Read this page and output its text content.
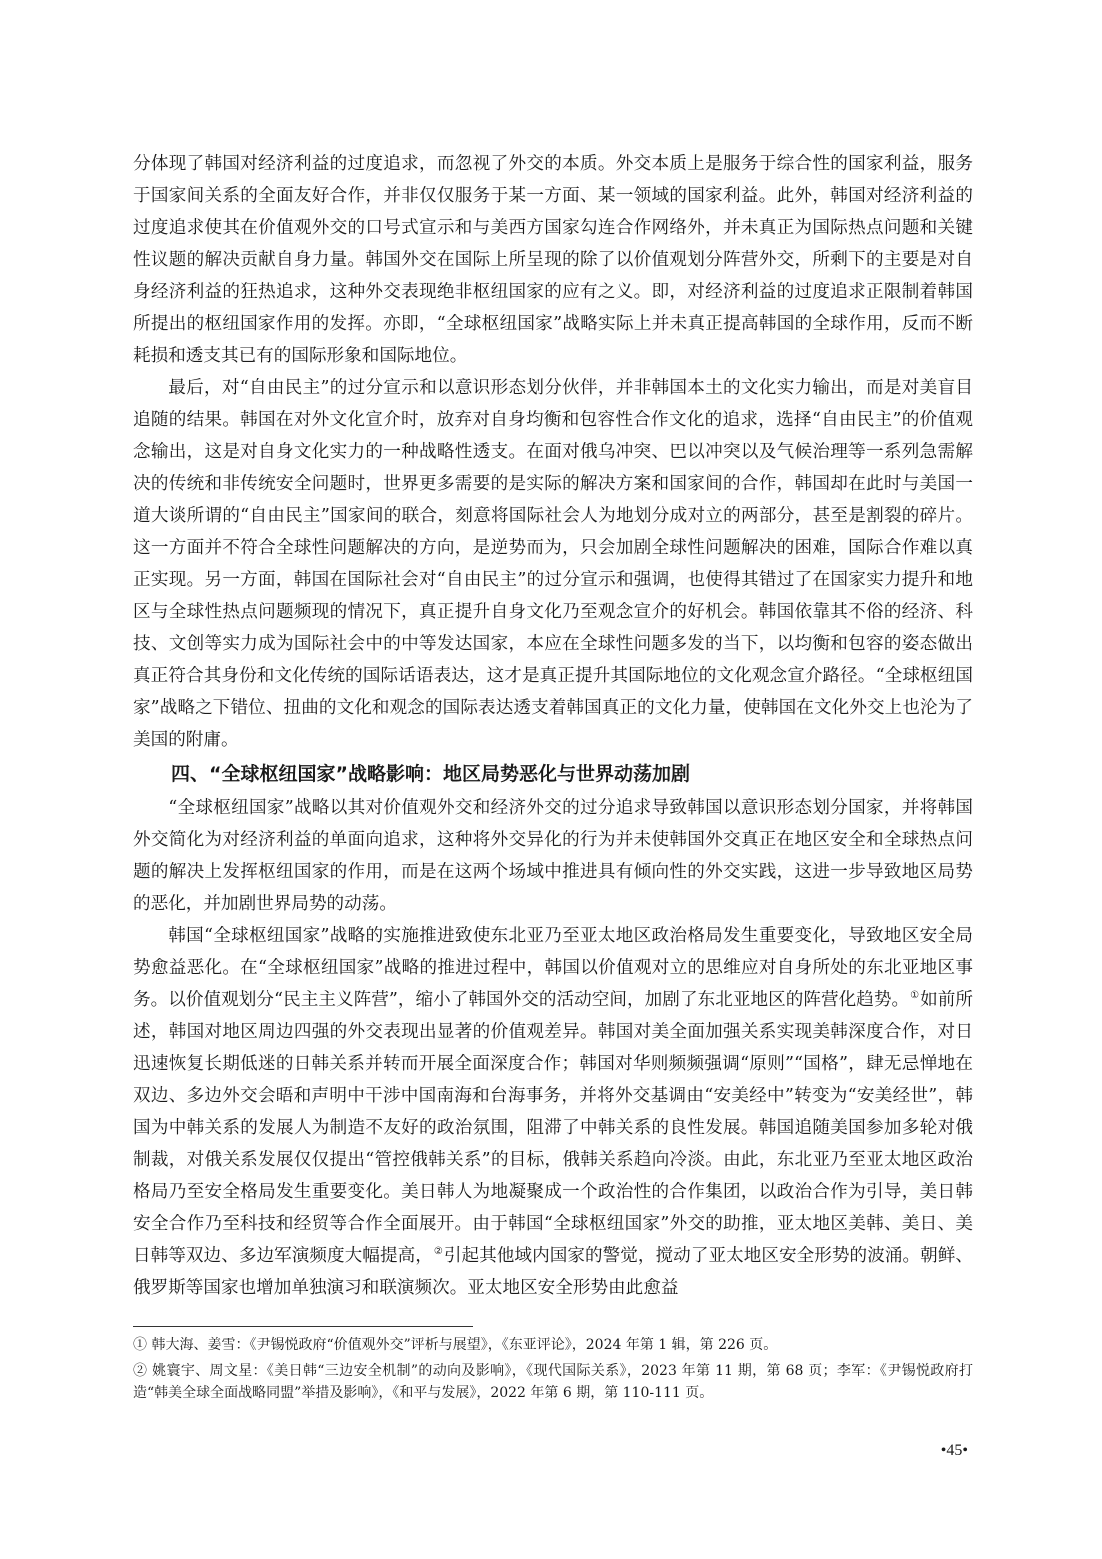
分体现了韩国对经济利益的过度追求，而忽视了外交的本质。外交本质上是服务于综合性的国家利益，服务于国家间关系的全面友好合作，并非仅仅服务于某一方面、某一领域的国家利益。此外，韩国对经济利益的过度追求使其在价值观外交的口号式宣示和与美西方国家勾连合作网络外，并未真正为国际热点问题和关键性议题的解决贡献自身力量。韩国外交在国际上所呈现的除了以价值观划分阵营外交，所剩下的主要是对自身经济利益的狂热追求，这种外交表现绝非枢纽国家的应有之义。即，对经济利益的过度追求正限制着韩国所提出的枢纽国家作用的发挥。亦即，“全球枢纽国家”战略实际上并未真正提高韩国的全球作用，反而不断耗损和透支其已有的国际形象和国际地位。

最后，对“自由民主”的过分宣示和以意识形态划分伙伴，并非韩国本土的文化实力输出，而是对美盲目追随的结果。韩国在对外文化宣介时，放弃对自身均衡和包容性合作文化的追求，选择“自由民主”的价值观念输出，这是对自身文化实力的一种战略性透支。在面对俄乌冲突、巴以冲突以及气候治理等一系列急需解决的传统和非传统安全问题时，世界更多需要的是实际的解决方案和国家间的合作，韩国却在此时与美国一道大谈所谓的“自由民主”国家间的联合，刻意将国际社会人为地划分成对立的两部分，甚至是割裂的碎片。这一方面并不符合全球性问题解决的方向，是逆势而为，只会加剧全球性问题解决的困难，国际合作难以真正实现。另一方面，韩国在国际社会对“自由民主”的过分宣示和强调，也使得其错过了在国家实力提升和地区与全球性热点问题频现的情况下，真正提升自身文化乃至观念宣介的好机会。韩国依靠其不俗的经济、科技、文创等实力成为国际社会中的中等发达国家，本应在全球性问题多发的当下，以均衡和包容的姿态做出真正符合其身份和文化传统的国际话语表达，这才是真正提升其国际地位的文化观念宣介路径。“全球枢纽国家”战略之下错位、扭曲的文化和观念的国际表达透支着韩国真正的文化力量，使韩国在文化外交上也沦为了美国的附庸。

四、“全球枢纽国家”战略影响：地区局势恶化与世界动荡加剧

“全球枢纽国家”战略以其对价值观外交和经济外交的过分追求导致韩国以意识形态划分国家，并将韩国外交简化为对经济利益的单面向追求，这种将外交异化的行为并未使韩国外交真正在地区安全和全球热点问题的解决上发挥枢纽国家的作用，而是在这两个场域中推进具有倾向性的外交实践，这进一步导致地区局势的恶化，并加剧世界局势的动荡。

韩国“全球枢纽国家”战略的实施推进致使东北亚乃至亚太地区政治格局发生重要变化，导致地区安全局势愈益恶化。在“全球枢纽国家”战略的推进过程中，韩国以价值观对立的思维应对自身所处的东北亚地区事务。以价值观划分“民主主义阵营”，缩小了韩国外交的活动空间，加剧了东北亚地区的阵营化趋势。①如前所述，韩国对地区周边四强的外交表现出显著的价值观差异。韩国对美全面加强关系实现美韩深度合作，对日迅速恢复长期低迷的日韩关系并转而开展全面深度合作；韩国对华则频频强调“原则”“国格”，肆无忌惮地在双边、多边外交会晤和声明中干涉中国南海和台海事务，并将外交基调由“安美经中”转变为“安美经世”，韩国为中韩关系的发展人为制造不友好的政治氛围，阻滞了中韩关系的良性发展。韩国追随美国参加多轮对俄制裁，对俄关系发展仅仅提出“管控俄韩关系”的目标，俄韩关系趋向冷淡。由此，东北亚乃至亚太地区政治格局乃至安全格局发生重要变化。美日韩人为地凝聚成一个政治性的合作集团，以政治合作为引导，美日韩安全合作乃至科技和经贸等合作全面展开。由于韩国“全球枢纽国家”外交的助推，亚太地区美韩、美日、美日韩等双边、多边军演频度大幅提高，②引起其他域内国家的警觉，搅动了亚太地区安全形势的波涌。朝鲜、俄罗斯等国家也增加单独演习和联演频次。亚太地区安全形势由此愈益

① 韩大海、姜雪：《尹锡悦政府“价值观外交”评析与展望》，《东亚评论》，2024 年第 1 辑，第 226 页。

② 姚寰宇、周文星：《美日韩“三边安全机制”的动向及影响》，《现代国际关系》，2023 年第 11 期，第 68 页；李军：《尹锡悦政府打造“韩美全球全面战略同盟”举措及影响》，《和平与发展》，2022 年第 6 期，第 110-111 页。

•45•
